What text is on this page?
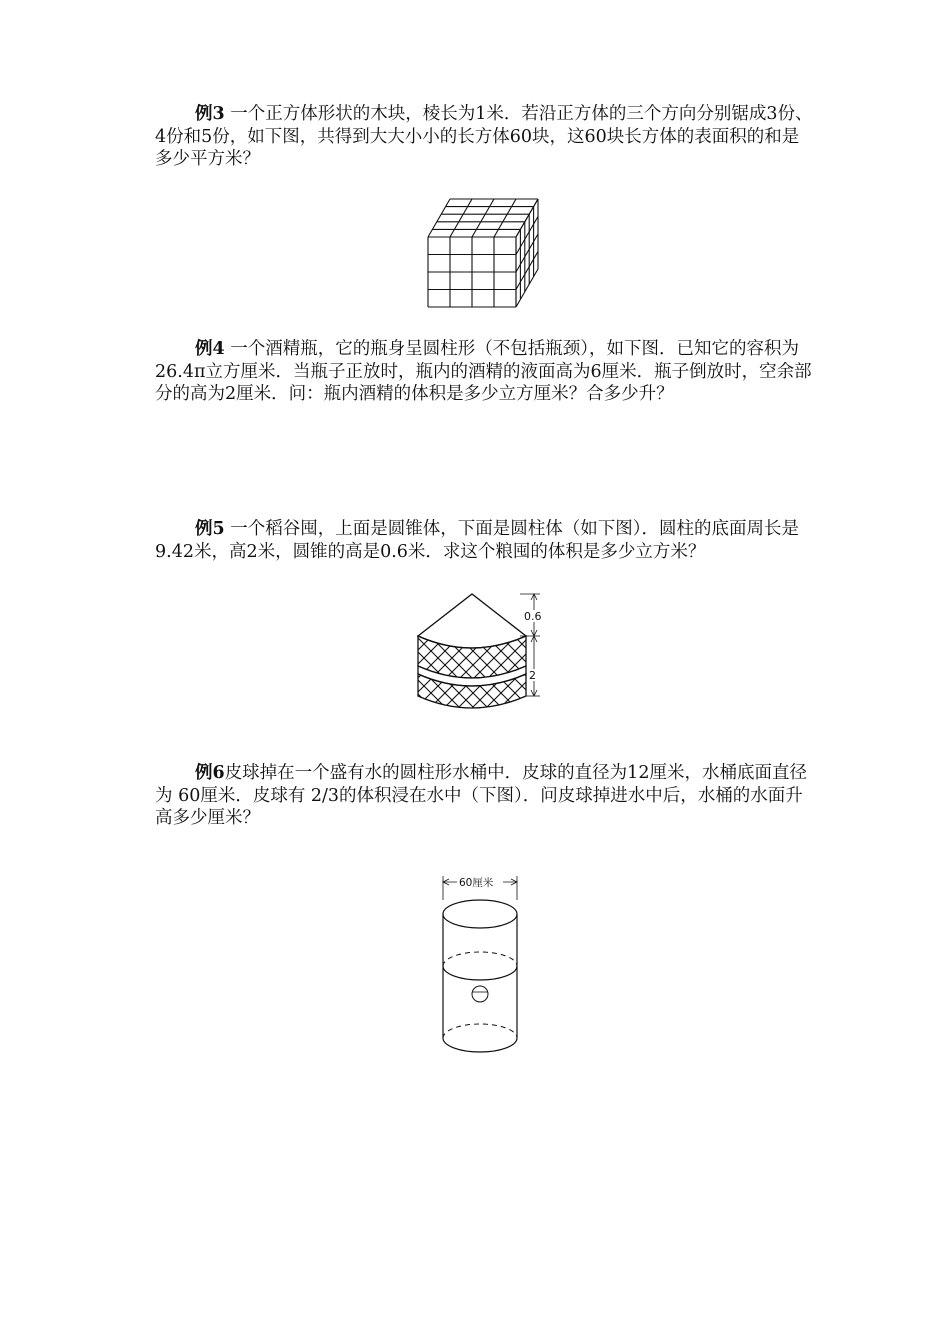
例3 一个正方体形状的木块，棱长为1米．若沿正方体的三个方向分别锯成3份、4份和5份，如下图，共得到大大小小的长方体60块，这60块长方体的表面积的和是多少平方米？

例4 一个酒精瓶，它的瓶身呈圆柱形（不包括瓶颈），如下图．已知它的容积为26.4π立方厘米．当瓶子正放时，瓶内的酒精的液面高为6厘米．瓶子倒放时，空余部分的高为2厘米．问：瓶内酒精的体积是多少立方厘米？合多少升？

例5 一个稻谷囤，上面是圆锥体，下面是圆柱体（如下图）．圆柱的底面周长是9.42米，高2米，圆锥的高是0.6米．求这个粮囤的体积是多少立方米？

0.6
2

例6皮球掉在一个盛有水的圆柱形水桶中．皮球的直径为12厘米，水桶底面直径为 60厘米．皮球有 2/3的体积浸在水中（下图）．问皮球掉进水中后，水桶的水面升高多少厘米？

60厘米
